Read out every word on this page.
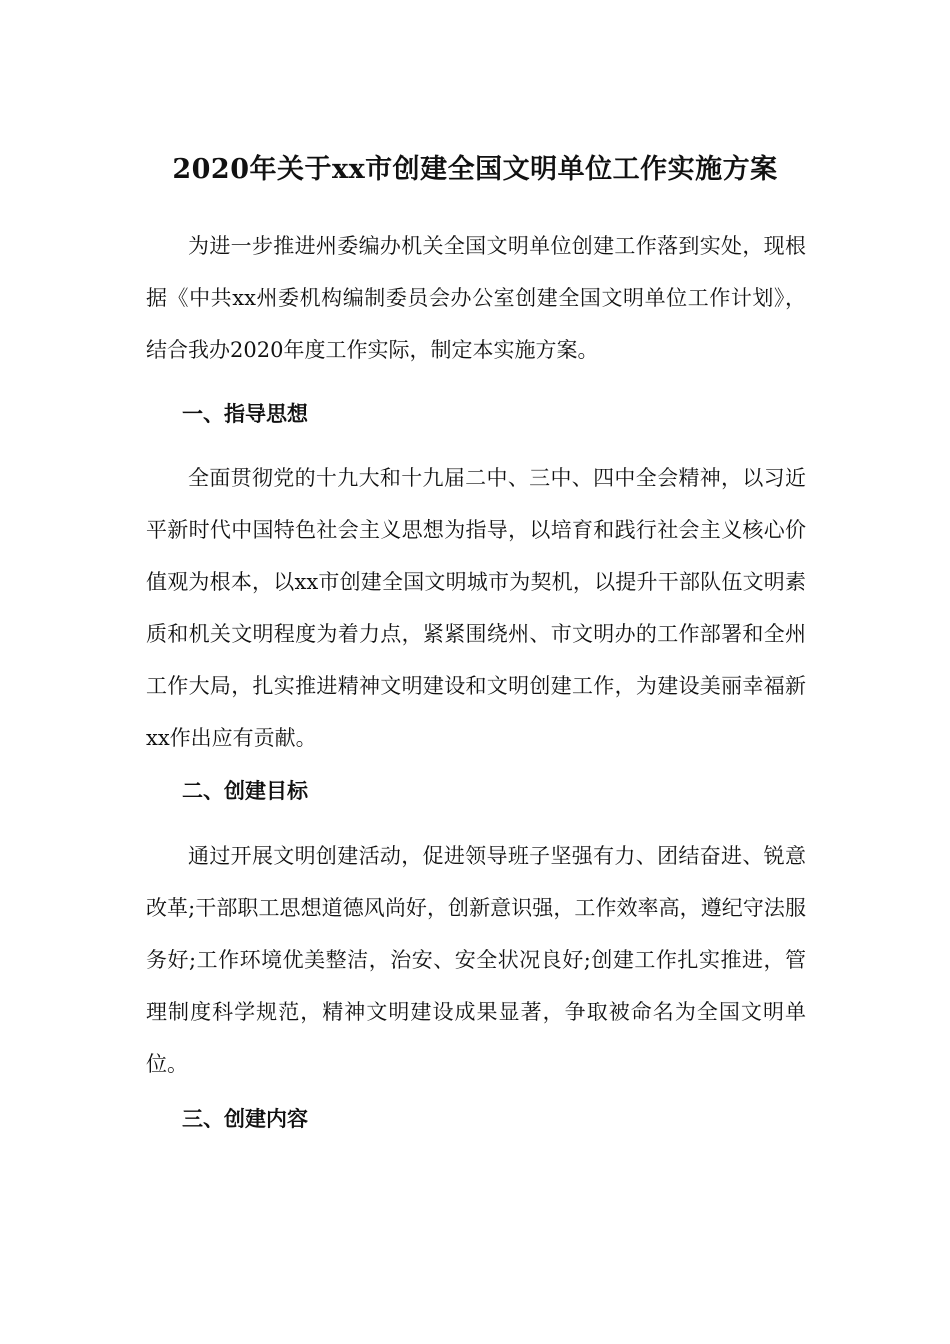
2020年关于xx市创建全国文明单位工作实施方案

为进一步推进州委编办机关全国文明单位创建工作落到实处，现根据《中共xx州委机构编制委员会办公室创建全国文明单位工作计划》，结合我办2020年度工作实际，制定本实施方案。

一、指导思想

全面贯彻党的十九大和十九届二中、三中、四中全会精神，以习近平新时代中国特色社会主义思想为指导，以培育和践行社会主义核心价值观为根本，以xx市创建全国文明城市为契机，以提升干部队伍文明素质和机关文明程度为着力点，紧紧围绕州、市文明办的工作部署和全州工作大局，扎实推进精神文明建设和文明创建工作，为建设美丽幸福新xx作出应有贡献。

二、创建目标

通过开展文明创建活动，促进领导班子坚强有力、团结奋进、锐意改革;干部职工思想道德风尚好，创新意识强，工作效率高，遵纪守法服务好;工作环境优美整洁，治安、安全状况良好;创建工作扎实推进，管理制度科学规范，精神文明建设成果显著，争取被命名为全国文明单位。

三、创建内容
